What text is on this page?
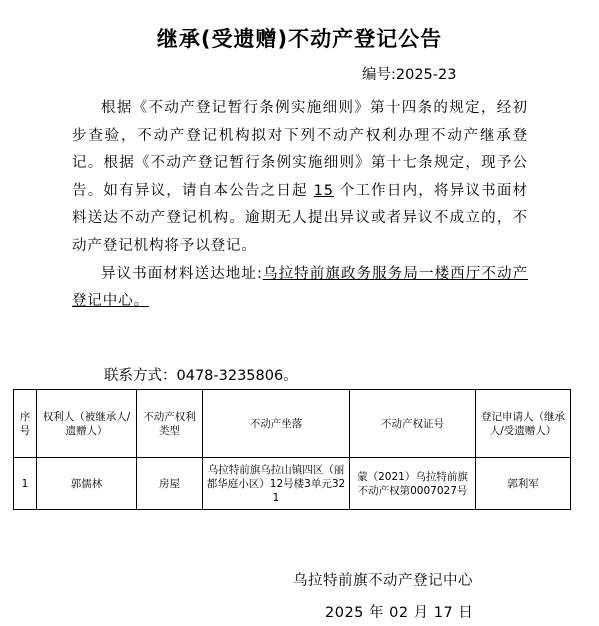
继承(受遗赠)不动产登记公告
编号:2025-23

根据《不动产登记暂行条例实施细则》第十四条的规定，经初步查验，不动产登记机构拟对下列不动产权利办理不动产继承登记。根据《不动产登记暂行条例实施细则》第十七条规定，现予公告。如有异议，请自本公告之日起 15 个工作日内，将异议书面材料送达不动产登记机构。逾期无人提出异议或者异议不成立的，不动产登记机构将予以登记。

异议书面材料送达地址:乌拉特前旗政务服务局一楼西厅不动产登记中心。

联系方式：0478-3235806。
序号	权利人（被继承人/遗赠人）	不动产权利类型	不动产坐落	不动产权证号	登记申请人（继承人/受遗赠人）
1	郭儒林	房屋	乌拉特前旗乌拉山镇四区（丽都华庭小区）12号楼3单元321	蒙（2021）乌拉特前旗不动产权第0007027号	郭利军
乌拉特前旗不动产登记中心
2025 年 02 月 17 日
